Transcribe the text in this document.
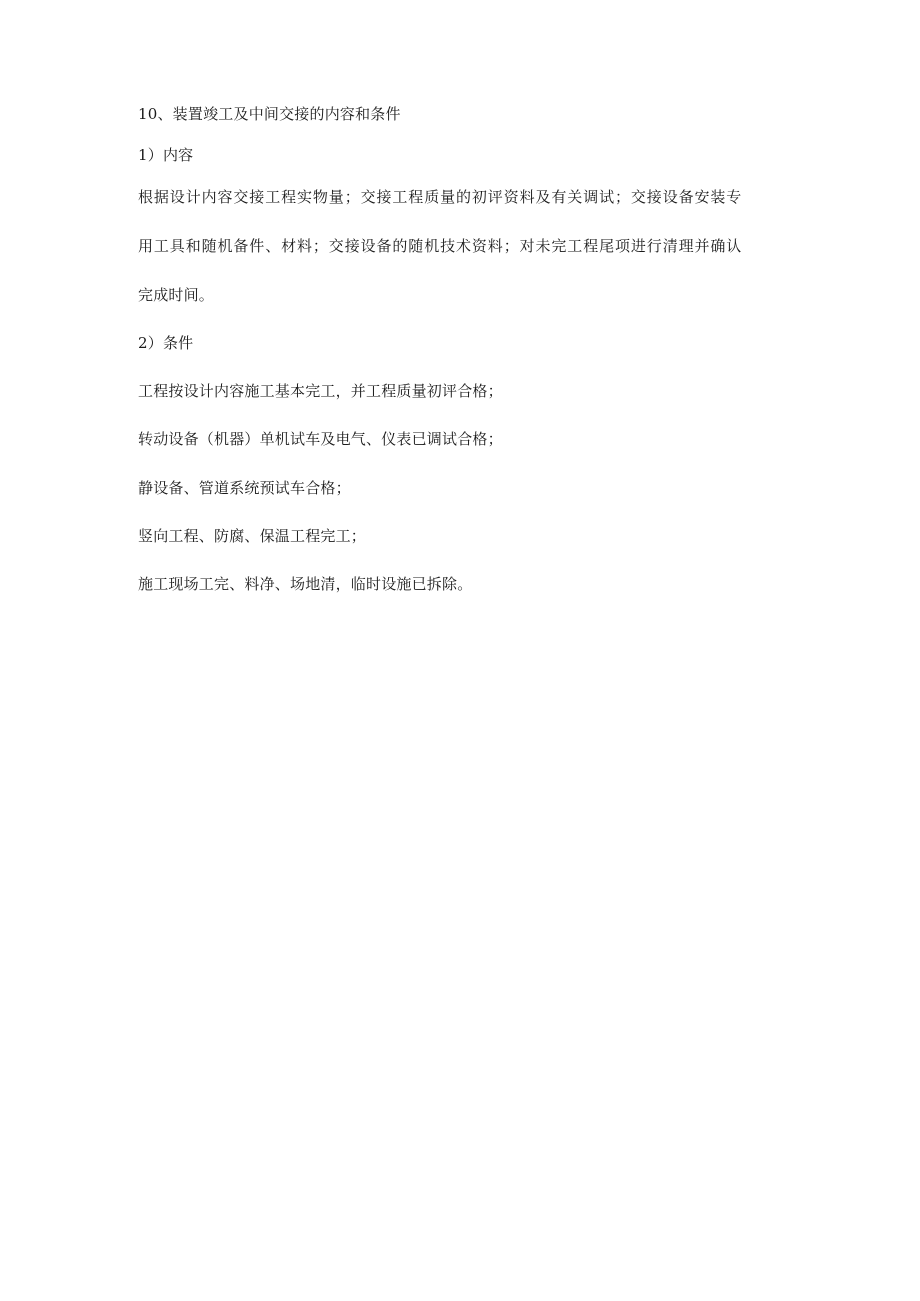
10、装置竣工及中间交接的内容和条件
1）内容
根据设计内容交接工程实物量；交接工程质量的初评资料及有关调试；交接设备安装专
用工具和随机备件、材料；交接设备的随机技术资料；对未完工程尾项进行清理并确认
完成时间。
2）条件
工程按设计内容施工基本完工，并工程质量初评合格；
转动设备（机器）单机试车及电气、仪表已调试合格；
静设备、管道系统预试车合格；
竖向工程、防腐、保温工程完工；
施工现场工完、料净、场地清，临时设施已拆除。
